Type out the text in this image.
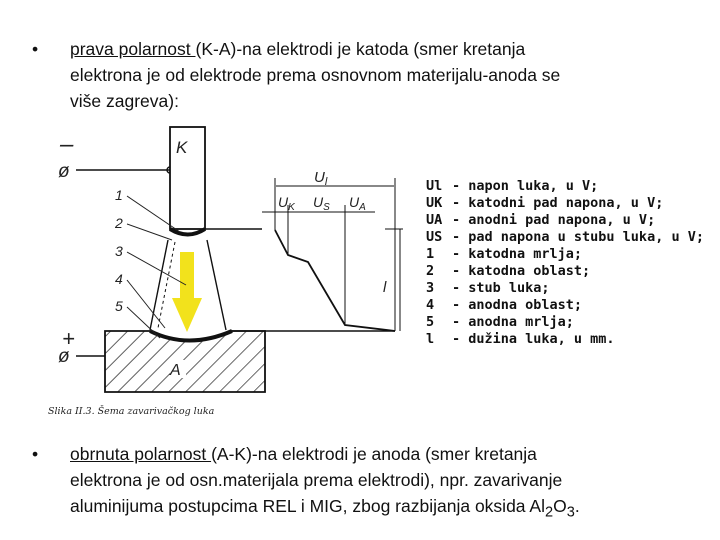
• prava polarnost (K-A)-na elektrodi je katoda (smer kretanja
elektrona je od elektrode prema osnovnom materijalu-anoda se
više zagreva):
–
ø
+
ø
K
A
1
2
3
4
5
$U_l$
$U_K$ $U_S$ $U_A$
l
Slika II.3. Šema zavarivačkog luka
Ul - napon luka, u V;
UK - katodni pad napona, u V;
UA - anodni pad napona, u V;
US - pad napona u stubu luka, u V;
1 - katodna mrlja;
2 - katodna oblast;
3 - stub luka;
4 - anodna oblast;
5 - anodna mrlja;
l - dužina luka, u mm.
• obrnuta polarnost (A-K)-na elektrodi je anoda (smer kretanja
elektrona je od osn.materijala prema elektrodi), npr. zavarivanje
aluminijuma postupcima REL i MIG, zbog razbijanja oksida $Al_2O_3$.
